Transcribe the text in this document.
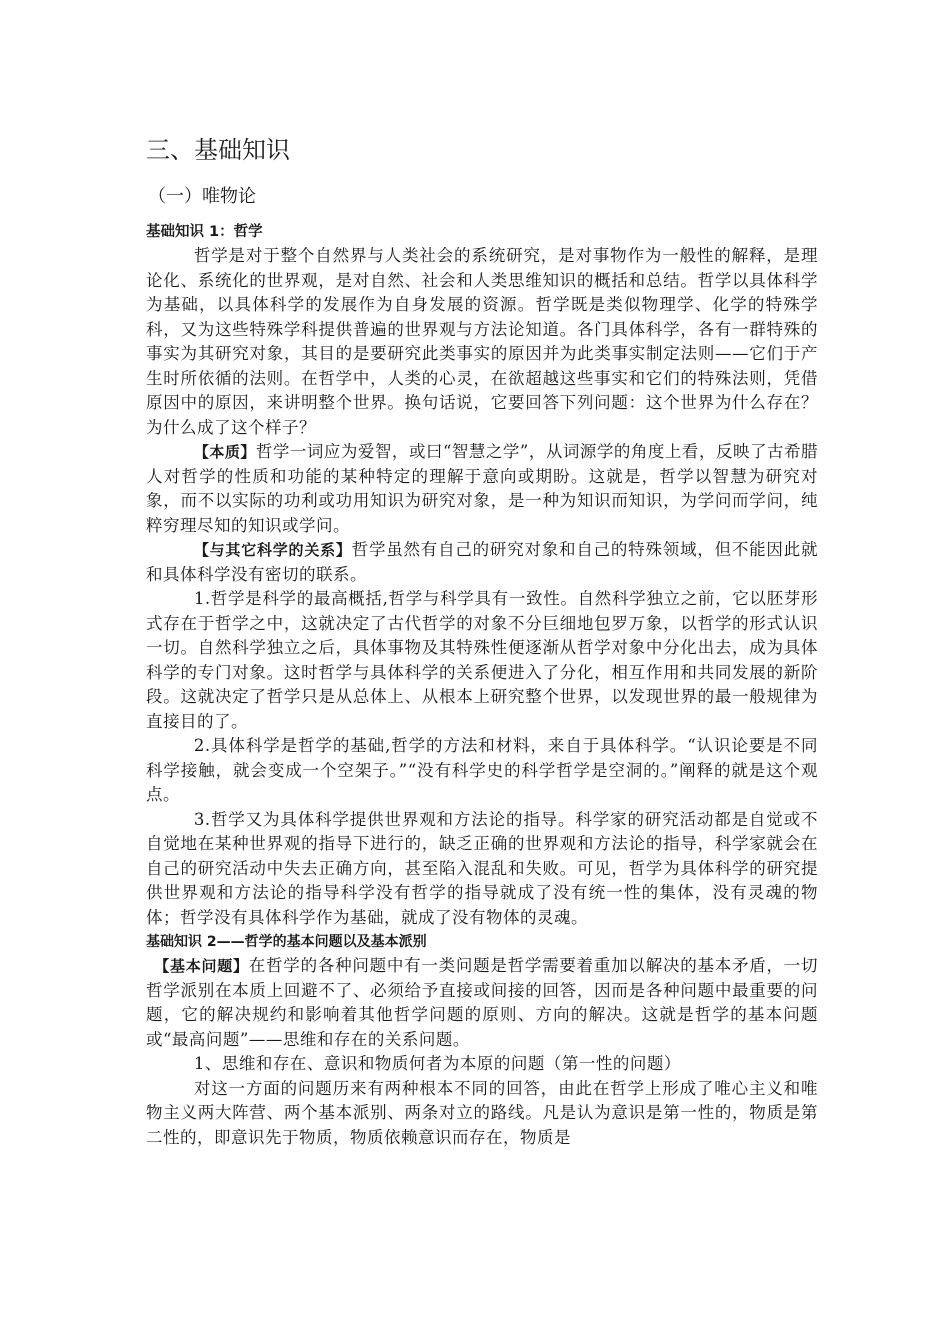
三、基础知识
（一）唯物论
基础知识 1：哲学

哲学是对于整个自然界与人类社会的系统研究，是对事物作为一般性的解释，是理论化、系统化的世界观，是对自然、社会和人类思维知识的概括和总结。哲学以具体科学为基础，以具体科学的发展作为自身发展的资源。哲学既是类似物理学、化学的特殊学科，又为这些特殊学科提供普遍的世界观与方法论知道。各门具体科学，各有一群特殊的事实为其研究对象，其目的是要研究此类事实的原因并为此类事实制定法则——它们于产生时所依循的法则。在哲学中，人类的心灵，在欲超越这些事实和它们的特殊法则，凭借原因中的原因，来讲明整个世界。换句话说，它要回答下列问题：这个世界为什么存在？为什么成了这个样子？

【本质】哲学一词应为爱智，或曰“智慧之学”，从词源学的角度上看，反映了古希腊人对哲学的性质和功能的某种特定的理解于意向或期盼。这就是，哲学以智慧为研究对象，而不以实际的功利或功用知识为研究对象，是一种为知识而知识，为学问而学问，纯粹穷理尽知的知识或学问。

【与其它科学的关系】哲学虽然有自己的研究对象和自己的特殊领域，但不能因此就和具体科学没有密切的联系。

1.哲学是科学的最高概括,哲学与科学具有一致性。自然科学独立之前，它以胚芽形式存在于哲学之中，这就决定了古代哲学的对象不分巨细地包罗万象，以哲学的形式认识一切。自然科学独立之后，具体事物及其特殊性便逐渐从哲学对象中分化出去，成为具体科学的专门对象。这时哲学与具体科学的关系便进入了分化，相互作用和共同发展的新阶段。这就决定了哲学只是从总体上、从根本上研究整个世界，以发现世界的最一般规律为直接目的了。

2.具体科学是哲学的基础,哲学的方法和材料，来自于具体科学。“认识论要是不同科学接触，就会变成一个空架子。”“没有科学史的科学哲学是空洞的。”阐释的就是这个观点。

3.哲学又为具体科学提供世界观和方法论的指导。科学家的研究活动都是自觉或不自觉地在某种世界观的指导下进行的，缺乏正确的世界观和方法论的指导，科学家就会在自己的研究活动中失去正确方向，甚至陷入混乱和失败。可见，哲学为具体科学的研究提供世界观和方法论的指导科学没有哲学的指导就成了没有统一性的集体，没有灵魂的物体；哲学没有具体科学作为基础，就成了没有物体的灵魂。

基础知识 2——哲学的基本问题以及基本派别

【基本问题】在哲学的各种问题中有一类问题是哲学需要着重加以解决的基本矛盾，一切哲学派别在本质上回避不了、必须给予直接或间接的回答，因而是各种问题中最重要的问题，它的解决规约和影响着其他哲学问题的原则、方向的解决。这就是哲学的基本问题或“最高问题”——思维和存在的关系问题。

1、思维和存在、意识和物质何者为本原的问题（第一性的问题）

对这一方面的问题历来有两种根本不同的回答，由此在哲学上形成了唯心主义和唯物主义两大阵营、两个基本派别、两条对立的路线。凡是认为意识是第一性的，物质是第二性的，即意识先于物质，物质依赖意识而存在，物质是
